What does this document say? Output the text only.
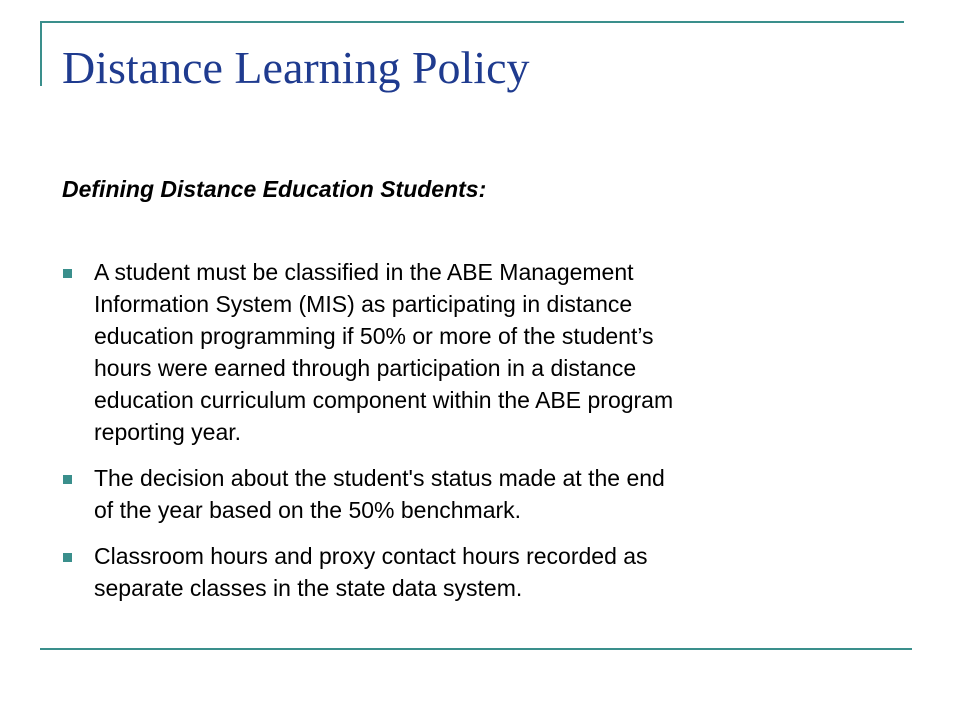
Distance Learning Policy

Defining Distance Education Students:

A student must be classified in the ABE Management
Information System (MIS) as participating in distance
education programming if 50% or more of the student’s
hours were earned through participation in a distance
education curriculum component within the ABE program
reporting year.
The decision about the student's status made at the end
of the year based on the 50% benchmark.
Classroom hours and proxy contact hours recorded as
separate classes in the state data system.
